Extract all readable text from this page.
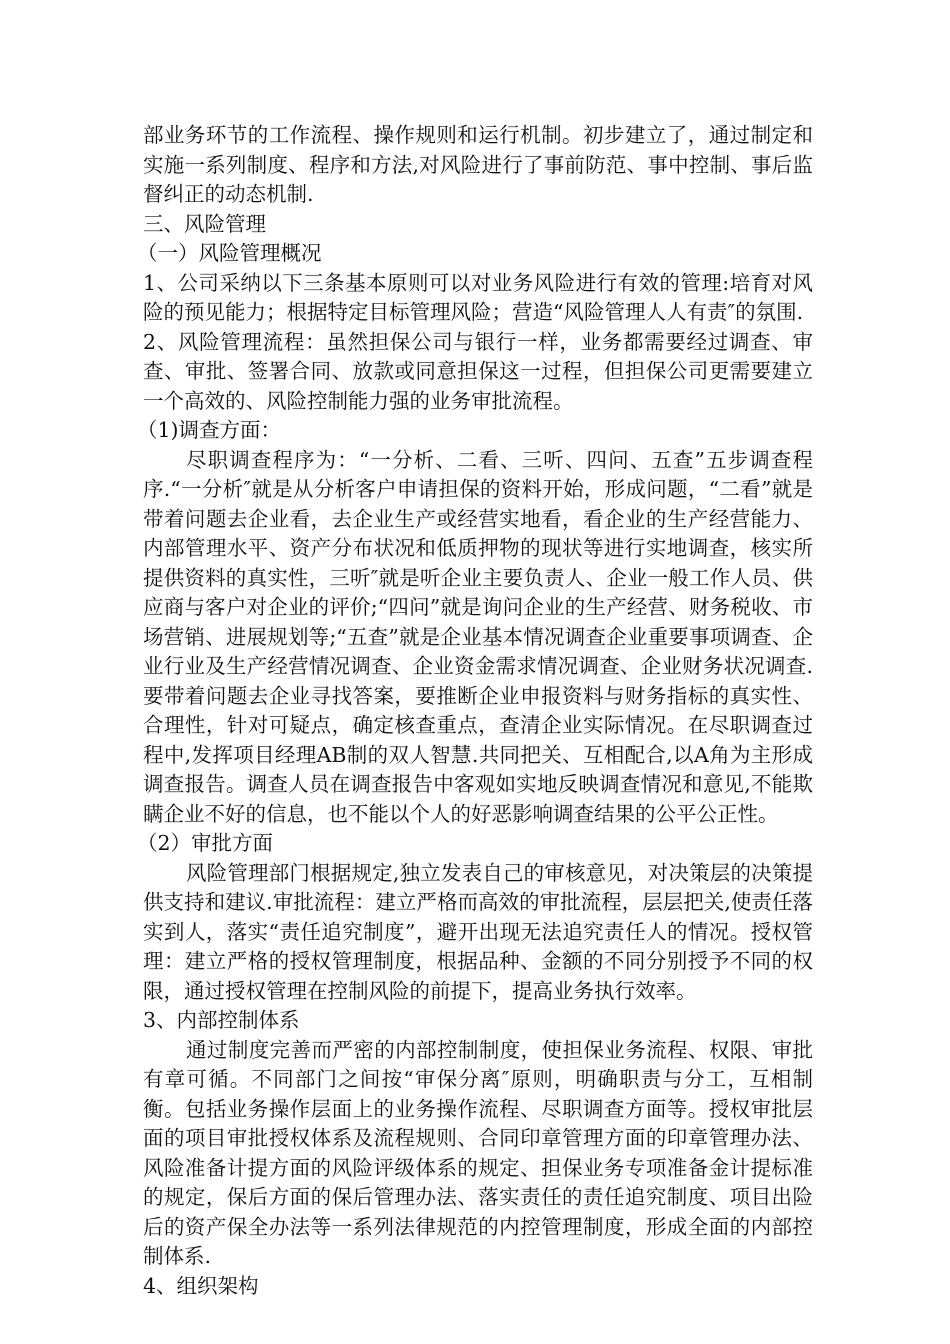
部业务环节的工作流程、操作规则和运行机制。初步建立了，通过制定和实施一系列制度、程序和方法,对风险进行了事前防范、事中控制、事后监督纠正的动态机制.

三、风险管理

（一）风险管理概况

1、公司采纳以下三条基本原则可以对业务风险进行有效的管理:培育对风险的预见能力；根据特定目标管理风险；营造“风险管理人人有责″的氛围.

2、风险管理流程：虽然担保公司与银行一样，业务都需要经过调查、审查、审批、签署合同、放款或同意担保这一过程，但担保公司更需要建立一个高效的、风险控制能力强的业务审批流程。

（1)调查方面：

尽职调查程序为：“一分析、二看、三听、四问、五查”五步调查程序.“一分析″就是从分析客户申请担保的资料开始，形成问题，“二看”就是带着问题去企业看，去企业生产或经营实地看，看企业的生产经营能力、内部管理水平、资产分布状况和低质押物的现状等进行实地调查，核实所提供资料的真实性，三听″就是听企业主要负责人、企业一般工作人员、供应商与客户对企业的评价;“四问”就是询问企业的生产经营、财务税收、市场营销、进展规划等;“五查”就是企业基本情况调查企业重要事项调查、企业行业及生产经营情况调查、企业资金需求情况调查、企业财务状况调查.要带着问题去企业寻找答案，要推断企业申报资料与财务指标的真实性、合理性，针对可疑点，确定核查重点，查清企业实际情况。在尽职调查过程中,发挥项目经理AB制的双人智慧.共同把关、互相配合,以A角为主形成调查报告。调查人员在调查报告中客观如实地反映调查情况和意见,不能欺瞒企业不好的信息，也不能以个人的好恶影响调查结果的公平公正性。

（2）审批方面

风险管理部门根据规定,独立发表自己的审核意见，对决策层的决策提供支持和建议.审批流程：建立严格而高效的审批流程，层层把关,使责任落实到人，落实“责任追究制度”，避开出现无法追究责任人的情况。授权管理：建立严格的授权管理制度，根据品种、金额的不同分别授予不同的权限，通过授权管理在控制风险的前提下，提高业务执行效率。

3、内部控制体系

通过制度完善而严密的内部控制制度，使担保业务流程、权限、审批有章可循。不同部门之间按“审保分离″原则，明确职责与分工，互相制衡。包括业务操作层面上的业务操作流程、尽职调查方面等。授权审批层面的项目审批授权体系及流程规则、合同印章管理方面的印章管理办法、风险准备计提方面的风险评级体系的规定、担保业务专项准备金计提标准的规定，保后方面的保后管理办法、落实责任的责任追究制度、项目出险后的资产保全办法等一系列法律规范的内控管理制度，形成全面的内部控制体系.

4、组织架构
